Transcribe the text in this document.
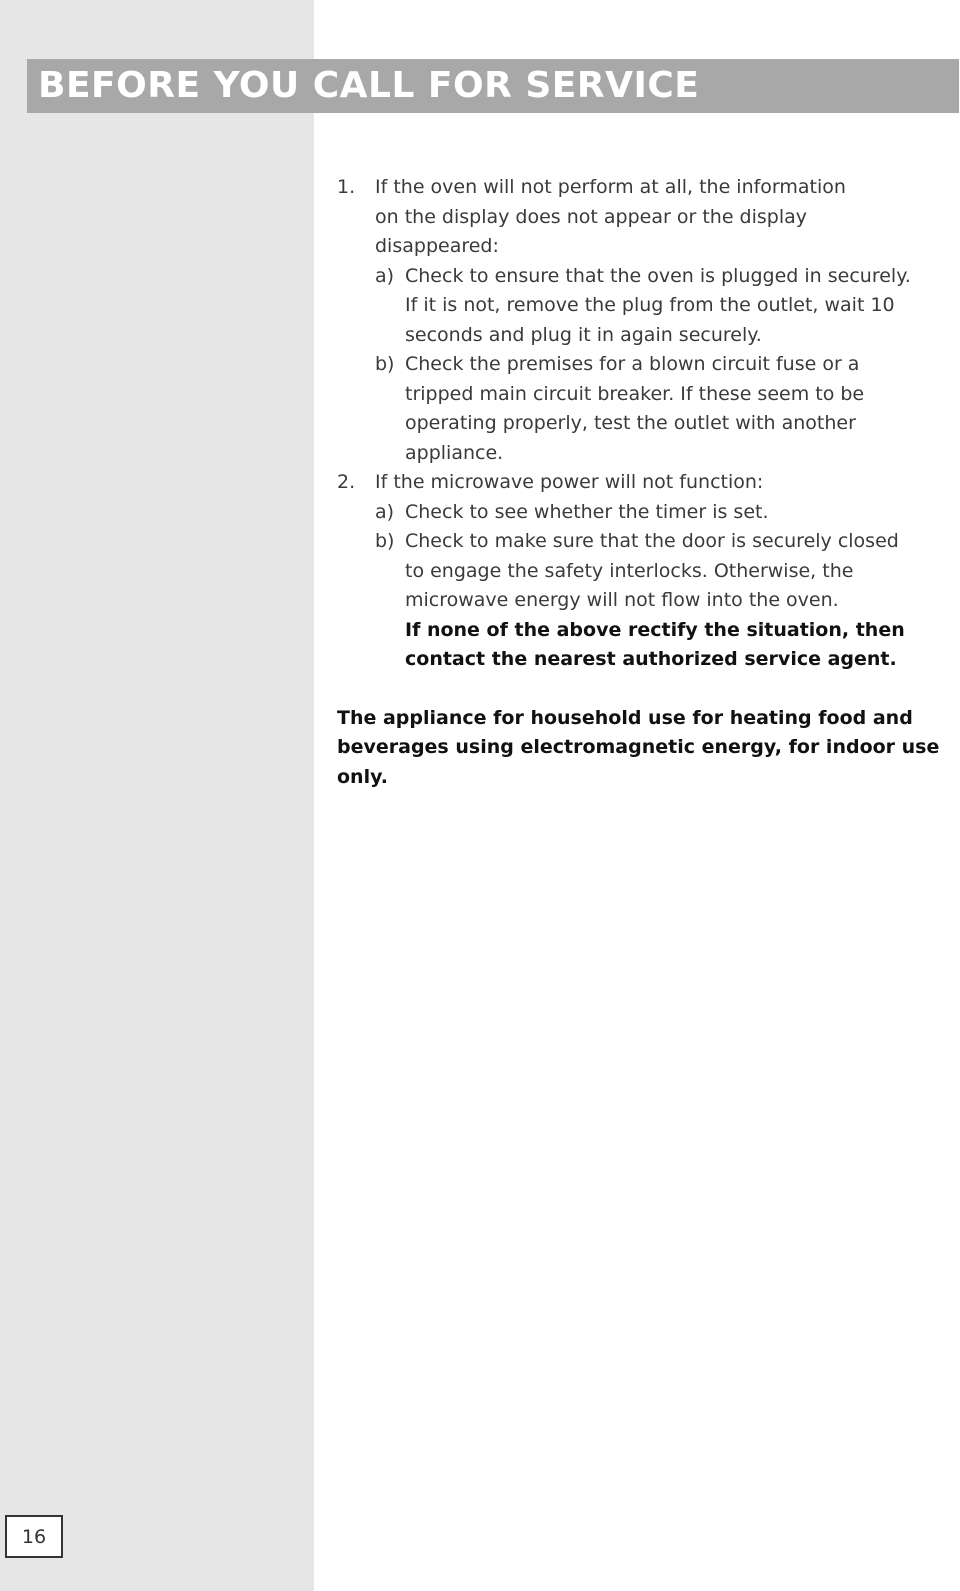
BEFORE YOU CALL FOR SERVICE
1. If the oven will not perform at all, the information
on the display does not appear or the display
disappeared:
a) Check to ensure that the oven is plugged in securely.
If it is not, remove the plug from the outlet, wait 10
seconds and plug it in again securely.
b) Check the premises for a blown circuit fuse or a
tripped main circuit breaker. If these seem to be
operating properly, test the outlet with another
appliance.
2. If the microwave power will not function:
a) Check to see whether the timer is set.
b) Check to make sure that the door is securely closed
to engage the safety interlocks. Otherwise, the
microwave energy will not flow into the oven.
If none of the above rectify the situation, then
contact the nearest authorized service agent.
The appliance for household use for heating food and
beverages using electromagnetic energy, for indoor use
only.
16
